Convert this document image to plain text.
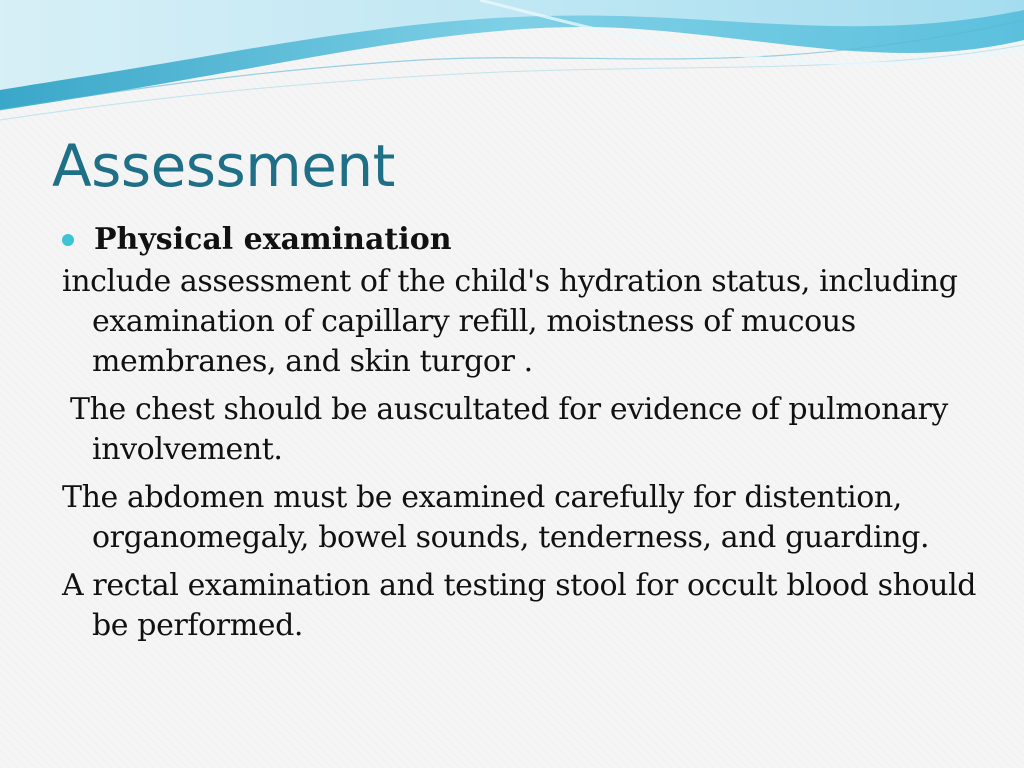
Assessment
Physical examination

include assessment of the child's hydration status, including examination of capillary refill, moistness of mucous membranes, and skin turgor .

The chest should be auscultated for evidence of pulmonary involvement.

The abdomen must be examined carefully for distention, organomegaly, bowel sounds, tenderness, and guarding.

A rectal examination and testing stool for occult blood should be performed.
